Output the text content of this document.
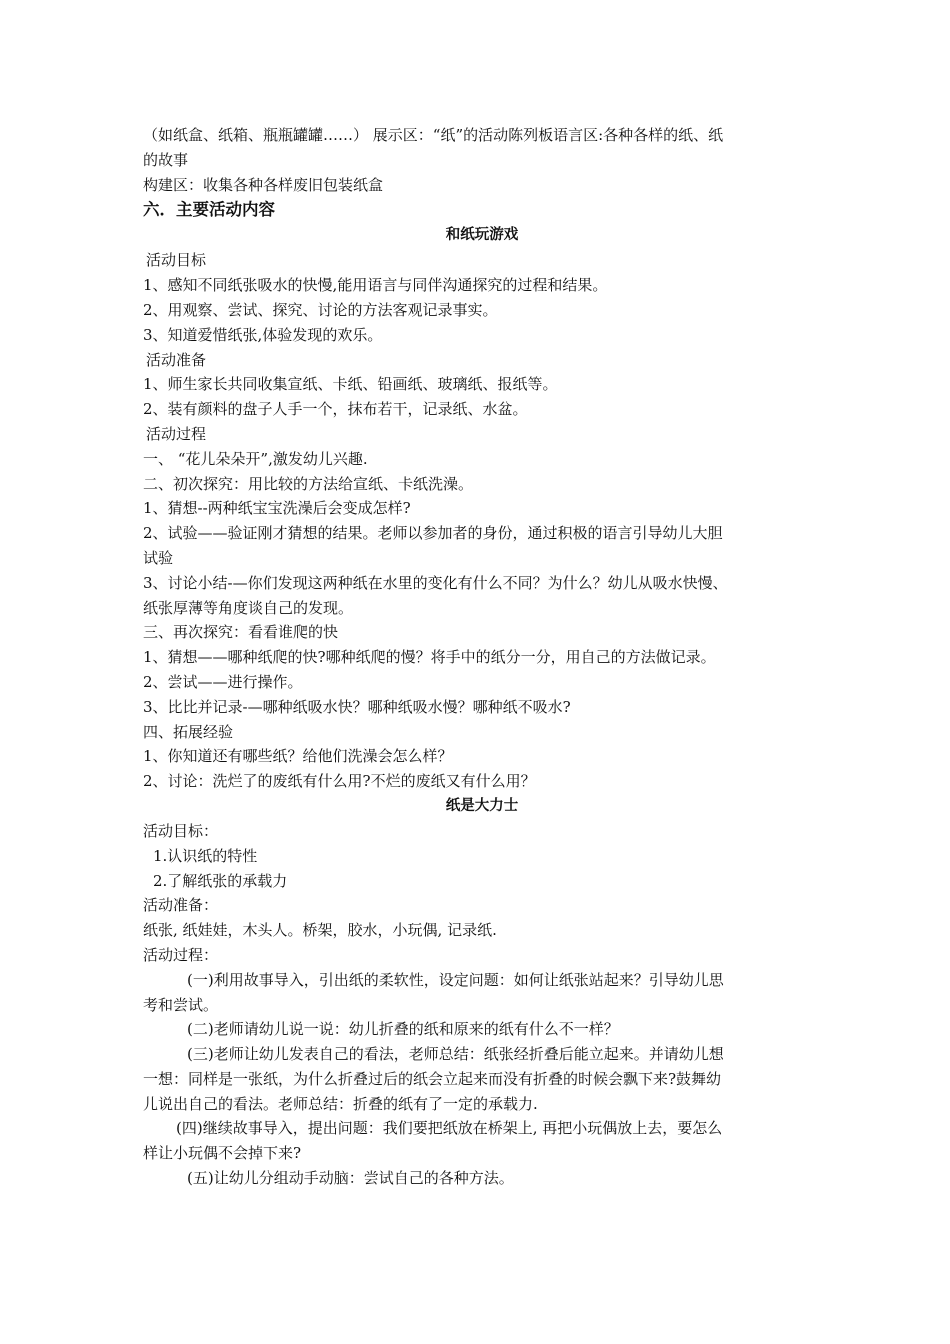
（如纸盒、纸箱、瓶瓶罐罐……） 展示区：“纸”的活动陈列板语言区:各种各样的纸、纸

的故事

构建区：收集各种各样废旧包装纸盒

六．主要活动内容

和纸玩游戏

活动目标

1、感知不同纸张吸水的快慢,能用语言与同伴沟通探究的过程和结果。

2、用观察、尝试、探究、讨论的方法客观记录事实。

3、知道爱惜纸张,体验发现的欢乐。

活动准备

1、师生家长共同收集宣纸、卡纸、铅画纸、玻璃纸、报纸等。

2、装有颜料的盘子人手一个，抹布若干，记录纸、水盆。

活动过程

一、 “花儿朵朵开”,激发幼儿兴趣.

二、初次探究：用比较的方法给宣纸、卡纸洗澡。

1、猜想--两种纸宝宝洗澡后会变成怎样?

2、试验——验证刚才猜想的结果。老师以参加者的身份，通过积极的语言引导幼儿大胆

试验

3、讨论小结-—你们发现这两种纸在水里的变化有什么不同？为什么？幼儿从吸水快慢、

纸张厚薄等角度谈自己的发现。

三、再次探究：看看谁爬的快

1、猜想——哪种纸爬的快?哪种纸爬的慢？将手中的纸分一分，用自己的方法做记录。

2、尝试——进行操作。

3、比比并记录-—哪种纸吸水快？哪种纸吸水慢？哪种纸不吸水?

四、拓展经验

1、你知道还有哪些纸？给他们洗澡会怎么样？

2、讨论：洗烂了的废纸有什么用?不烂的废纸又有什么用？

纸是大力士

活动目标：

1.认识纸的特性

2.了解纸张的承载力

活动准备：

纸张, 纸娃娃，木头人。桥架，胶水，小玩偶, 记录纸.

活动过程：

(一)利用故事导入，引出纸的柔软性，设定问题：如何让纸张站起来？引导幼儿思

考和尝试。

(二)老师请幼儿说一说：幼儿折叠的纸和原来的纸有什么不一样？

(三)老师让幼儿发表自己的看法，老师总结：纸张经折叠后能立起来。并请幼儿想

一想：同样是一张纸，为什么折叠过后的纸会立起来而没有折叠的时候会飘下来?鼓舞幼

儿说出自己的看法。老师总结：折叠的纸有了一定的承载力.

(四)继续故事导入，提出问题：我们要把纸放在桥架上, 再把小玩偶放上去，要怎么

样让小玩偶不会掉下来?

(五)让幼儿分组动手动脑：尝试自己的各种方法。
